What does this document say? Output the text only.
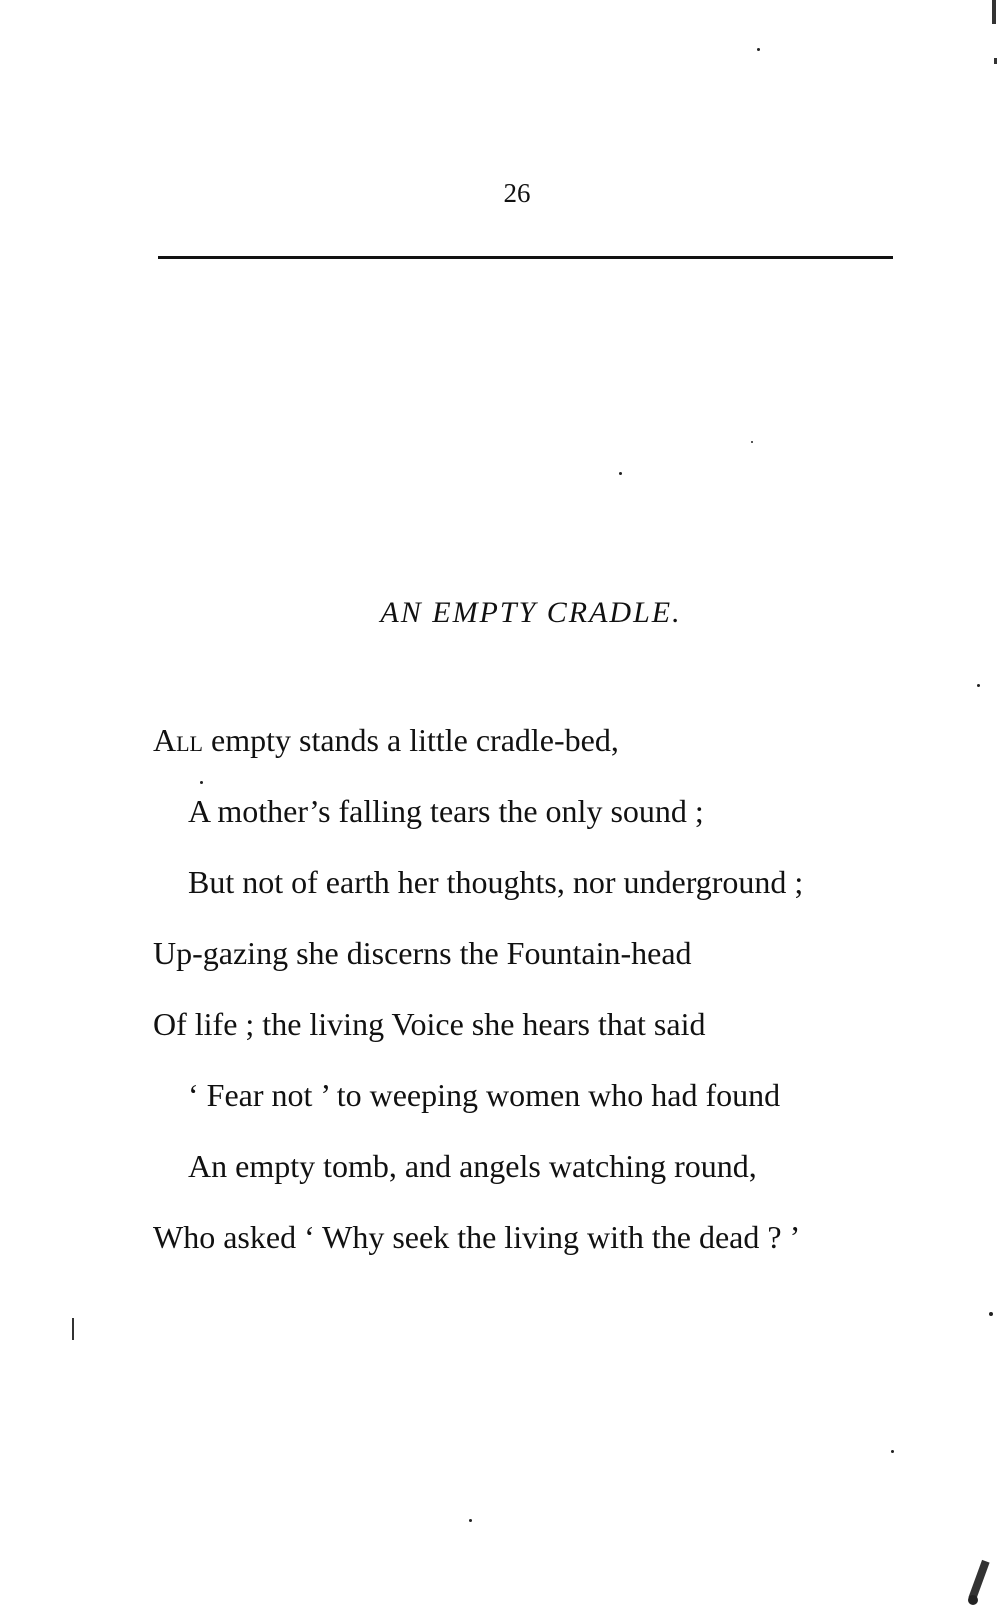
26
AN EMPTY CRADLE.
All empty stands a little cradle-bed,
A mother’s falling tears the only sound ;
But not of earth her thoughts, nor underground ;
Up-gazing she discerns the Fountain-head
Of life ; the living Voice she hears that said
‘ Fear not ’ to weeping women who had found
An empty tomb, and angels watching round,
Who asked ‘ Why seek the living with the dead ? ’
